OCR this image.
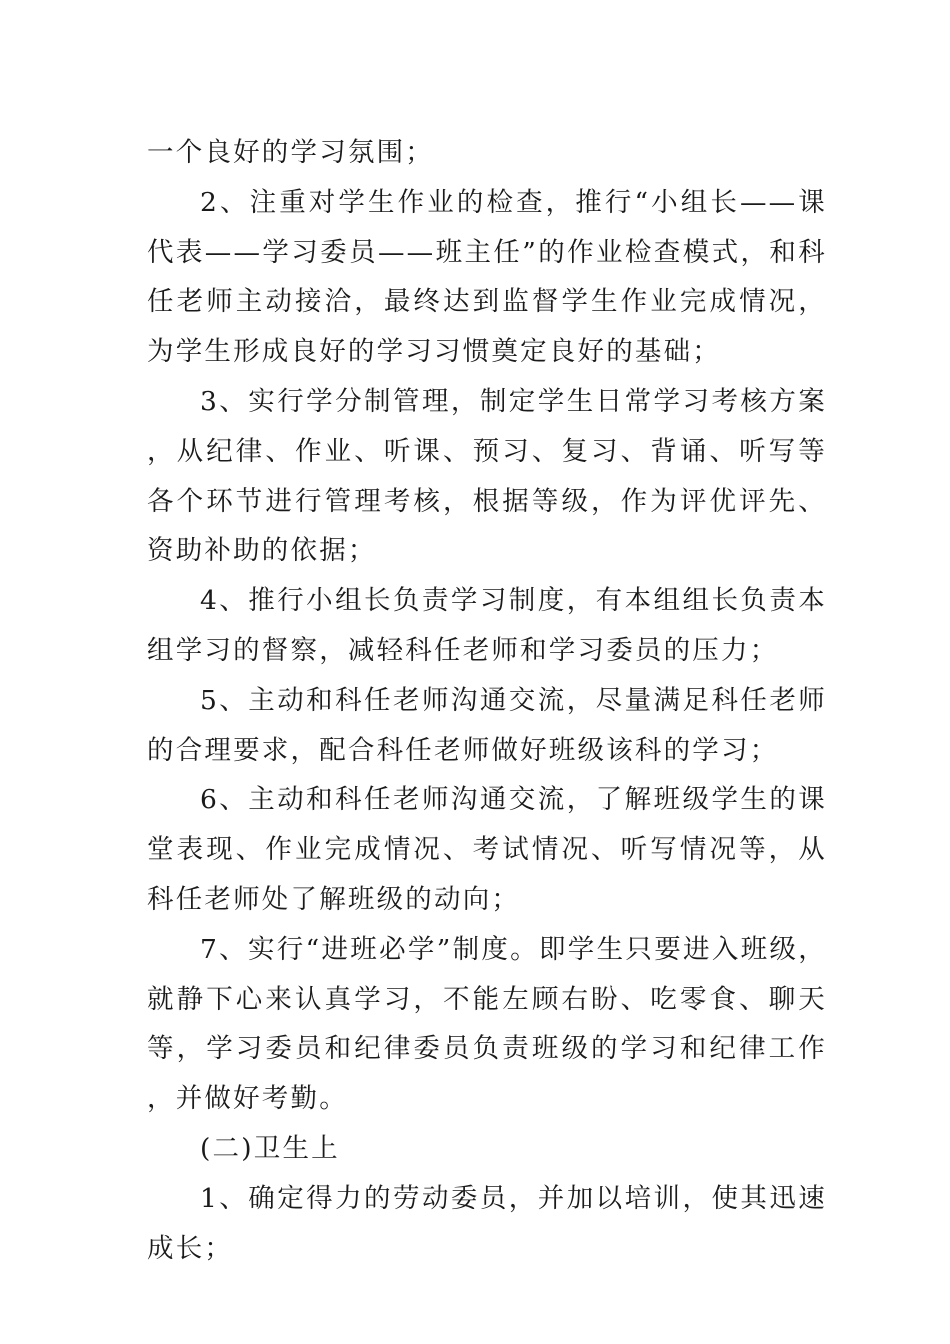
一个良好的学习氛围；

2、注重对学生作业的检查，推行“小组长——课代表——学习委员——班主任”的作业检查模式，和科任老师主动接洽，最终达到监督学生作业完成情况，为学生形成良好的学习习惯奠定良好的基础；

3、实行学分制管理，制定学生日常学习考核方案，从纪律、作业、听课、预习、复习、背诵、听写等各个环节进行管理考核，根据等级，作为评优评先、资助补助的依据；

4、推行小组长负责学习制度，有本组组长负责本组学习的督察，减轻科任老师和学习委员的压力；

5、主动和科任老师沟通交流，尽量满足科任老师的合理要求，配合科任老师做好班级该科的学习；

6、主动和科任老师沟通交流，了解班级学生的课堂表现、作业完成情况、考试情况、听写情况等，从科任老师处了解班级的动向；

7、实行“进班必学”制度。即学生只要进入班级，就静下心来认真学习，不能左顾右盼、吃零食、聊天等，学习委员和纪律委员负责班级的学习和纪律工作，并做好考勤。

(二)卫生上

1、确定得力的劳动委员，并加以培训，使其迅速成长；
